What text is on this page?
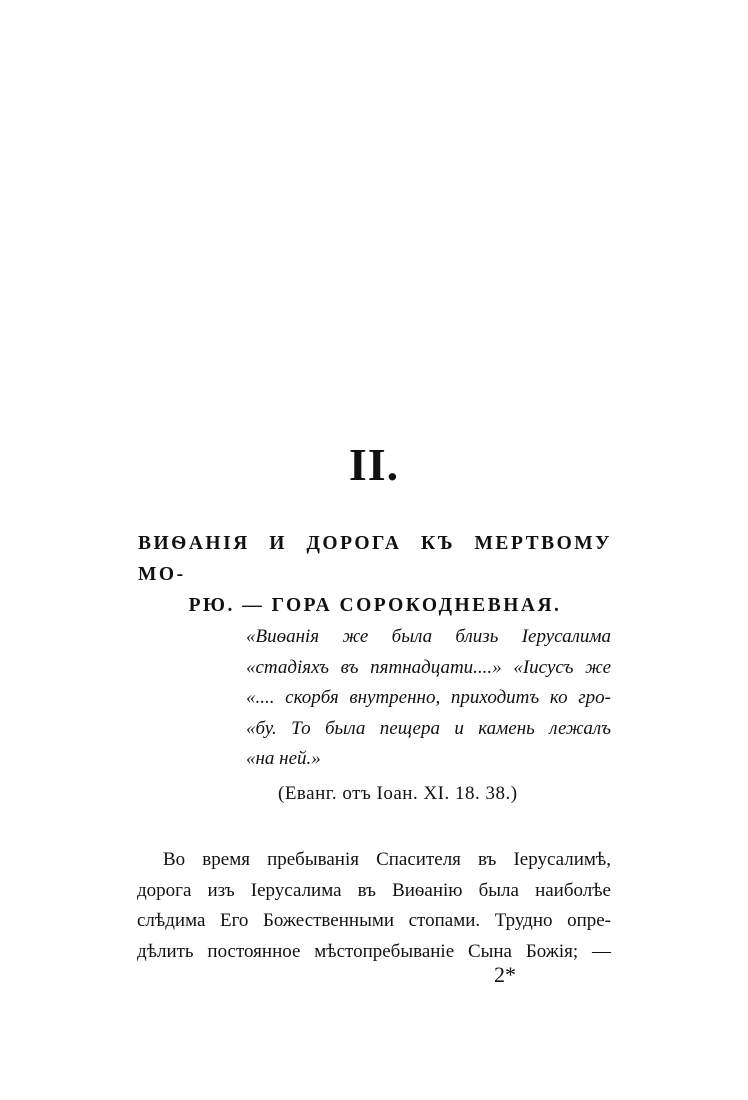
II.
ВИѲАНІЯ И ДОРОГА КЪ МЕРТВОМУ МО-
РЮ. — ГОРА СОРОКОДНЕВНАЯ.
«Виѳанія же была близь Іерусалима
«стадіяхъ въ пятнадцати....» «Іисусъ же
«.... скорбя внутренно, приходитъ ко гро-
«бу. То была пещера и камень лежалъ
«на ней.»
(Еванг. отъ Іоан. XI. 18. 38.)
Во время пребыванія Спасителя въ Іерусалимѣ,
дорога изъ Іерусалима въ Виѳанію была наиболѣе
слѣдима Его Божественными стопами. Трудно опре-
дѣлить постоянное мѣстопребываніе Сына Божія; —
2*
